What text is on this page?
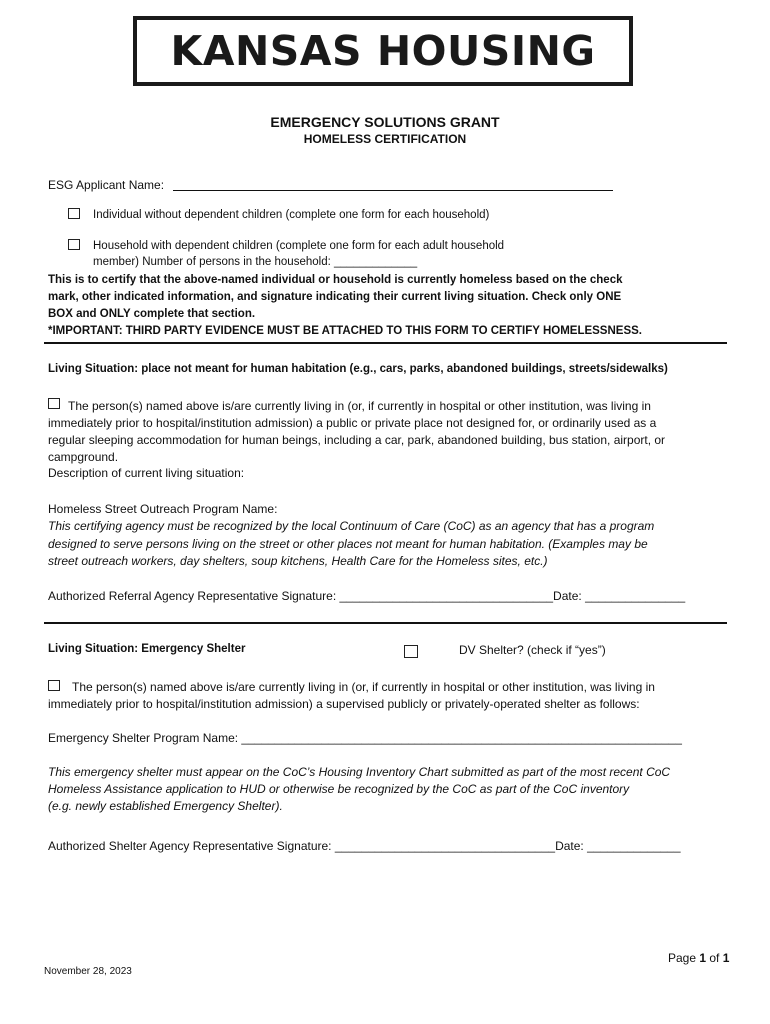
KANSAS HOUSING
EMERGENCY SOLUTIONS GRANT
HOMELESS CERTIFICATION
ESG Applicant Name:
Individual without dependent children (complete one form for each household)
Household with dependent children (complete one form for each adult household
member) Number of persons in the household: _____________
This is to certify that the above-named individual or household is currently homeless based on the check
mark, other indicated information, and signature indicating their current living situation. Check only ONE
BOX and ONLY complete that section.
*IMPORTANT: THIRD PARTY EVIDENCE MUST BE ATTACHED TO THIS FORM TO CERTIFY HOMELESSNESS.
Living Situation: place not meant for human habitation (e.g., cars, parks, abandoned buildings, streets/sidewalks)
The person(s) named above is/are currently living in (or, if currently in hospital or other institution, was living in
immediately prior to hospital/institution admission) a public or private place not designed for, or ordinarily used as a
regular sleeping accommodation for human beings, including a car, park, abandoned building, bus station, airport, or
campground.
Description of current living situation:
Homeless Street Outreach Program Name:
This certifying agency must be recognized by the local Continuum of Care (CoC) as an agency that has a program
designed to serve persons living on the street or other places not meant for human habitation. (Examples may be
street outreach workers, day shelters, soup kitchens, Health Care for the Homeless sites, etc.)
Authorized Referral Agency Representative Signature: ________________________________Date: _______________
Living Situation: Emergency Shelter	DV Shelter? (check if “yes”)
The person(s) named above is/are currently living in (or, if currently in hospital or other institution, was living in
immediately prior to hospital/institution admission) a supervised publicly or privately-operated shelter as follows:
Emergency Shelter Program Name: __________________________________________________________________
This emergency shelter must appear on the CoC’s Housing Inventory Chart submitted as part of the most recent CoC
Homeless Assistance application to HUD or otherwise be recognized by the CoC as part of the CoC inventory
(e.g. newly established Emergency Shelter).
Authorized Shelter Agency Representative Signature: _________________________________Date: ______________
Page 1 of 1
November 28, 2023
